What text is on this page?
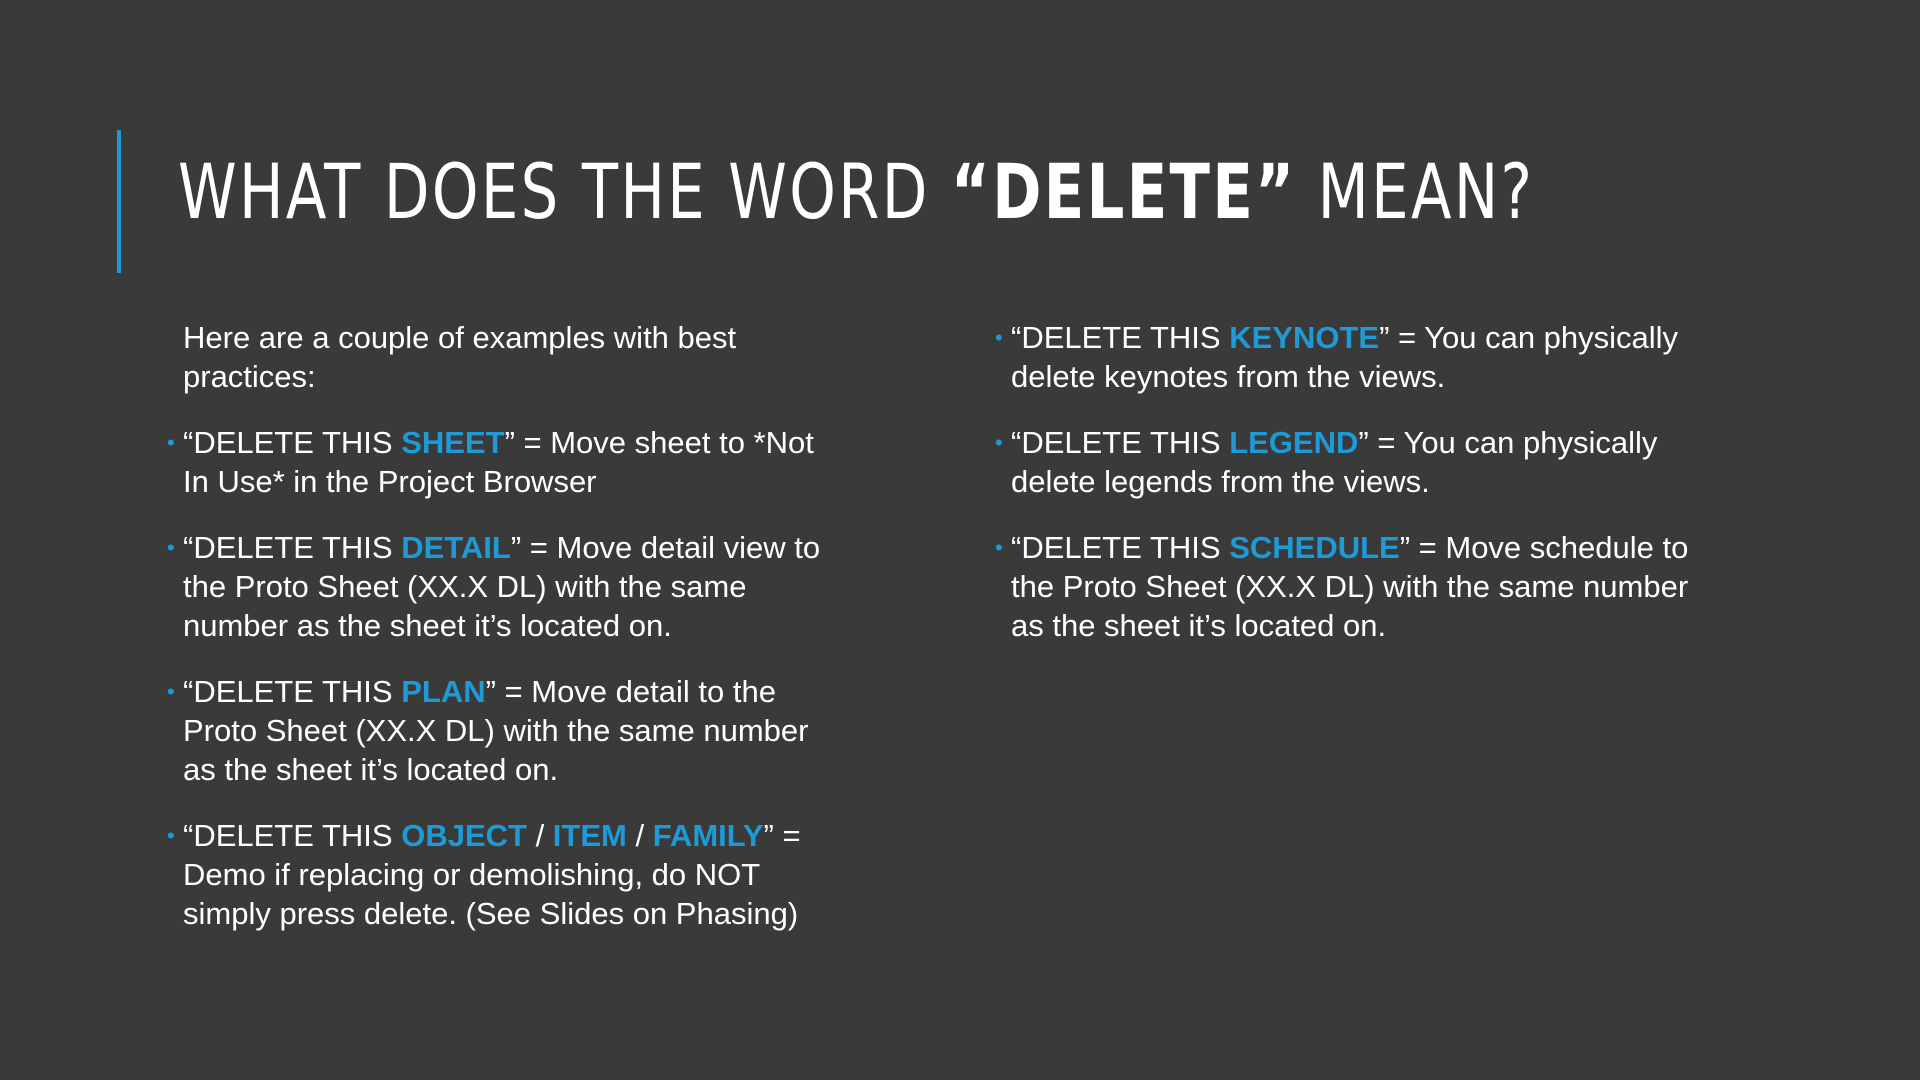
WHAT DOES THE WORD “DELETE” MEAN?

Here are a couple of examples with best practices:

• “DELETE THIS SHEET” = Move sheet to *Not In Use* in the Project Browser

• “DELETE THIS DETAIL” = Move detail view to the Proto Sheet (XX.X DL) with the same number as the sheet it’s located on.

• “DELETE THIS PLAN” = Move detail to the Proto Sheet (XX.X DL) with the same number as the sheet it’s located on.

• “DELETE THIS OBJECT / ITEM / FAMILY” = Demo if replacing or demolishing, do NOT simply press delete. (See Slides on Phasing)

• “DELETE THIS KEYNOTE” = You can physically delete keynotes from the views.

• “DELETE THIS LEGEND” = You can physically delete legends from the views.

• “DELETE THIS SCHEDULE” = Move schedule to the Proto Sheet (XX.X DL) with the same number as the sheet it’s located on.
